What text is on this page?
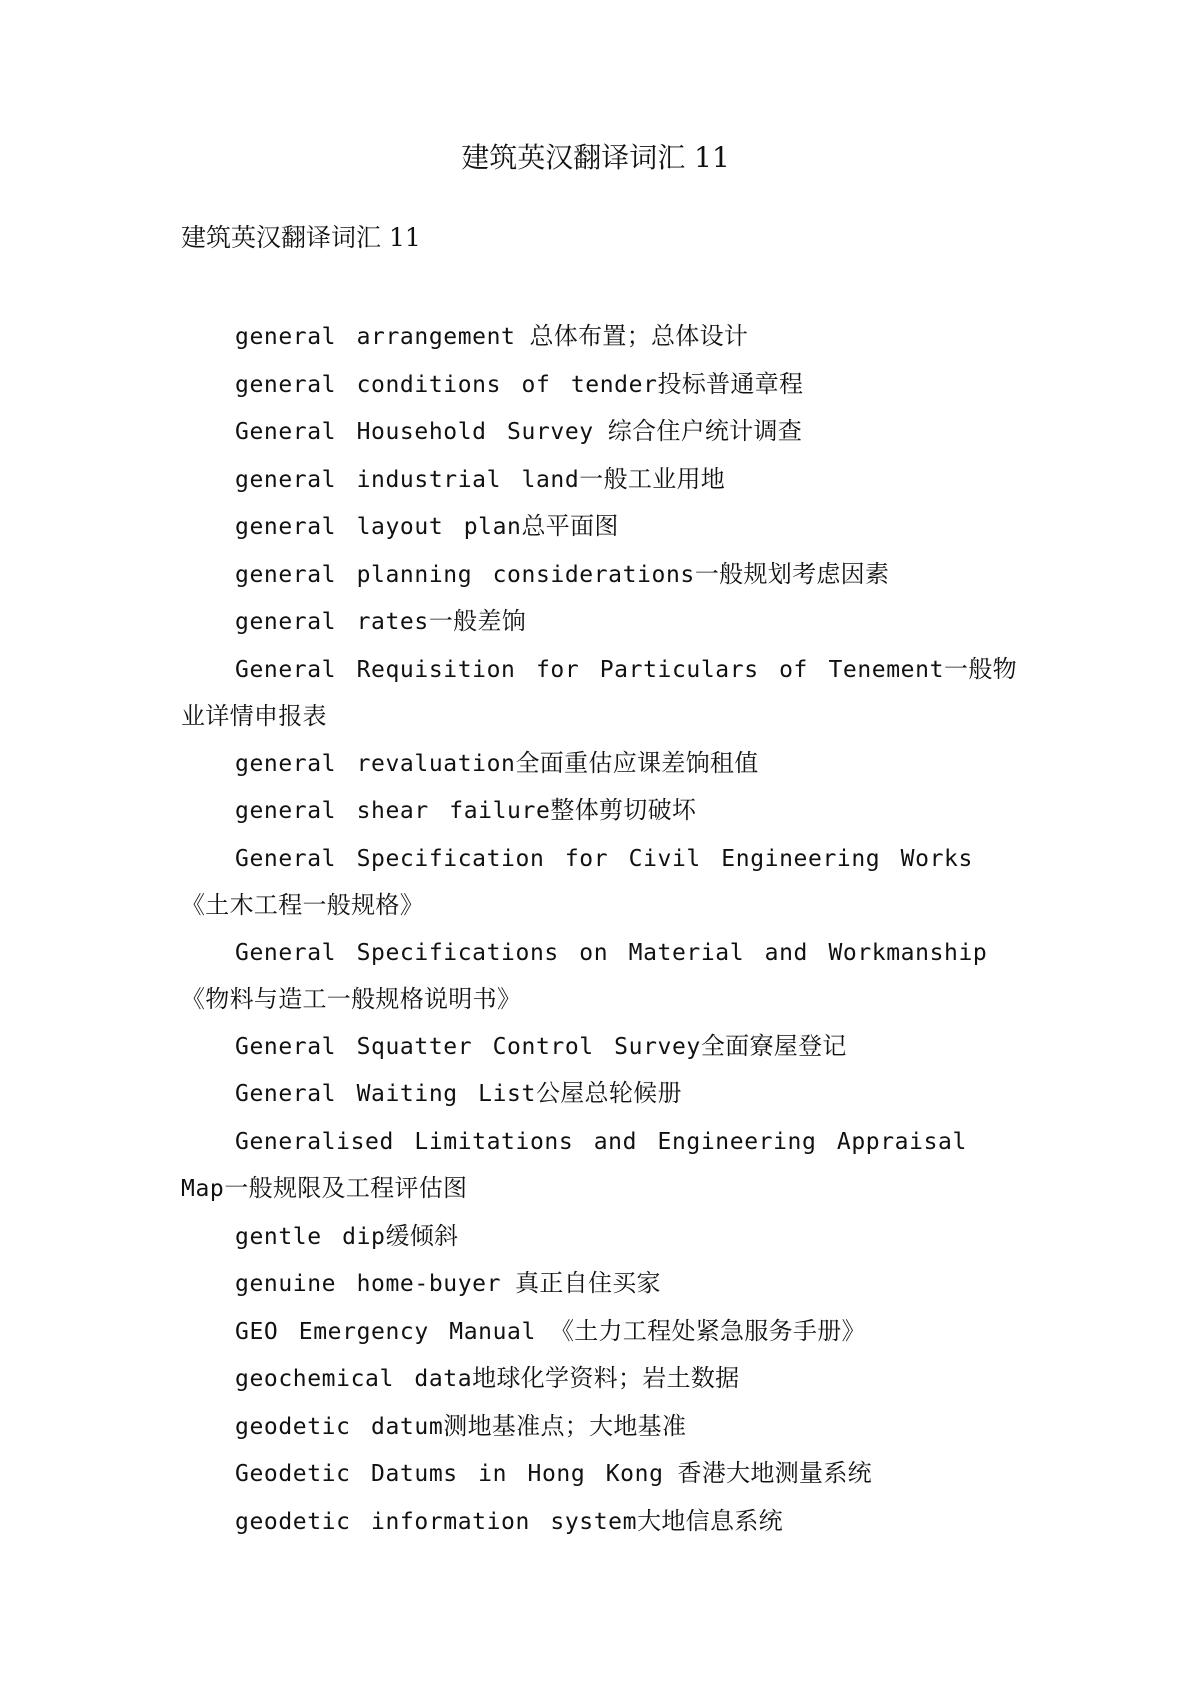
建筑英汉翻译词汇 11
建筑英汉翻译词汇 11
general arrangement 总体布置；总体设计
general conditions of tender投标普通章程
General Household Survey 综合住户统计调查
general industrial land一般工业用地
general layout plan总平面图
general planning considerations一般规划考虑因素
general rates一般差饷
General Requisition for Particulars of Tenement一般物业详情申报表
general revaluation全面重估应课差饷租值
general shear failure整体剪切破坏
General Specification for Civil Engineering Works《土木工程一般规格》
General Specifications on Material and Workmanship《物料与造工一般规格说明书》
General Squatter Control Survey全面寮屋登记
General Waiting List公屋总轮候册
Generalised Limitations and Engineering Appraisal Map一般规限及工程评估图
gentle dip缓倾斜
genuine home-buyer 真正自住买家
GEO Emergency Manual 《土力工程处紧急服务手册》
geochemical data地球化学资料；岩土数据
geodetic datum测地基准点；大地基准
Geodetic Datums in Hong Kong 香港大地测量系统
geodetic information system大地信息系统
